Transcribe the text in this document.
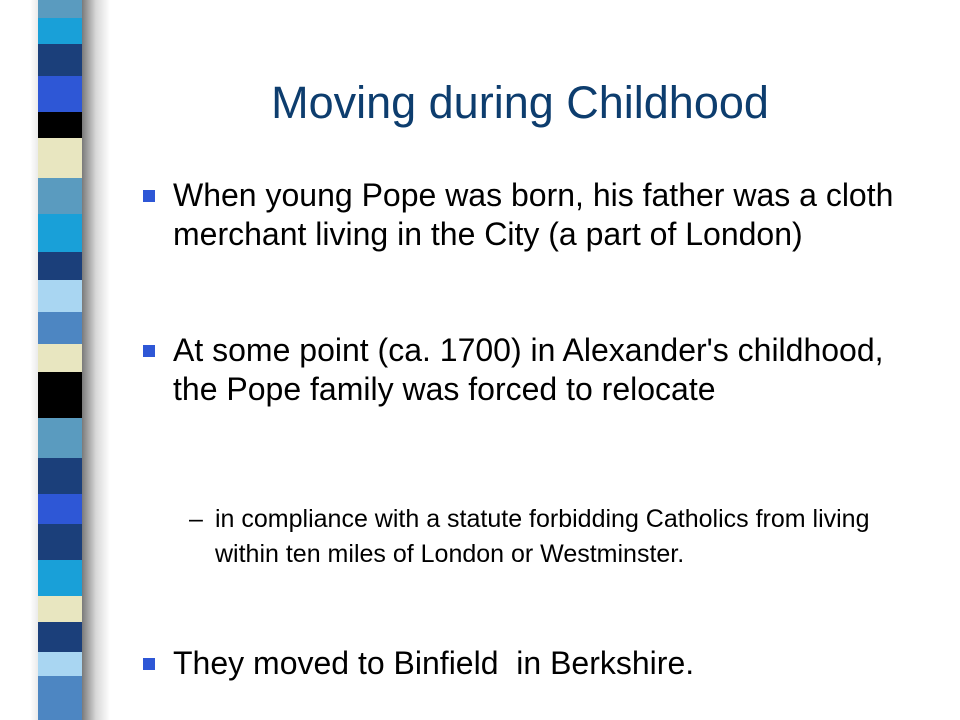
Moving during Childhood
When young Pope was born, his father was a cloth merchant living in the City (a part of London)
At some point (ca. 1700) in Alexander's childhood, the Pope family was forced to relocate
– in compliance with a statute forbidding Catholics from living within ten miles of London or Westminster.
They moved to Binfield  in Berkshire.
